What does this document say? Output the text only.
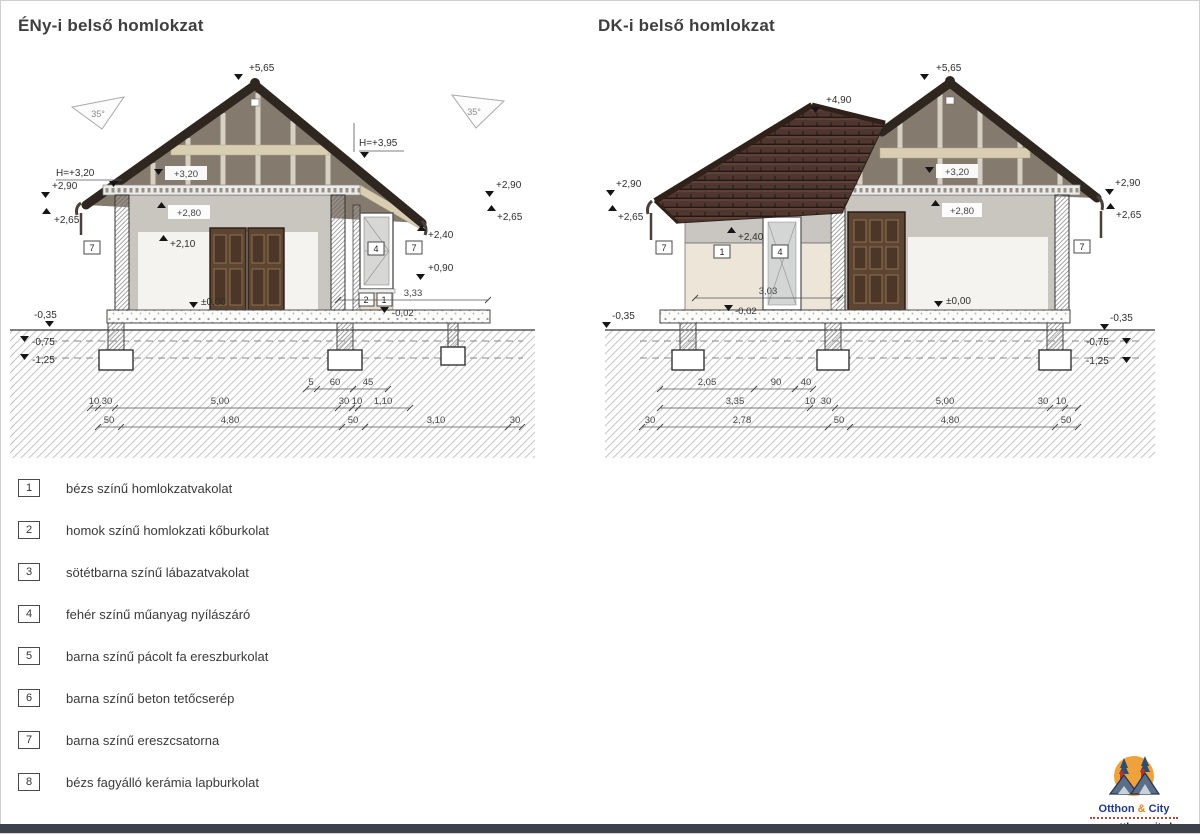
ÉNy-i belső homlokzat	DK-i belső homlokzat
35°	35°
+5,65
H=+3,20
+2,90
+2,65
-0,35
-0,75
-1,25
+3,20
+2,80
+2,10
±0,00
H=+3,95
+2,90
+2,65
+2,40
+0,90
-0,02
7	7
4
2 1
3,33
5 60 45
10 30	5,00	30 10 1,10
50	4,80	50	3,10	30
+5,65
+4,90
+2,90
+2,65
-0,35
+2,40
-0,02
+3,20
+2,80
±0,00
+2,90
+2,65
-0,35
-0,75
-1,25
7	1	4	7
3,03
2,05	90 40
3,35	10 30	5,00	30 10
30	2,78	50	4,80	50
1	bézs színű homlokzatvakolat
2	homok színű homlokzati kőburkolat
3	sötétbarna színű lábazatvakolat
4	fehér színű műanyag nyílászáró
5	barna színű pácolt fa ereszburkolat
6	barna színű beton tetőcserép
7	barna színű ereszcsatorna
8	bézs fagyálló kerámia lapburkolat
Otthon & City
